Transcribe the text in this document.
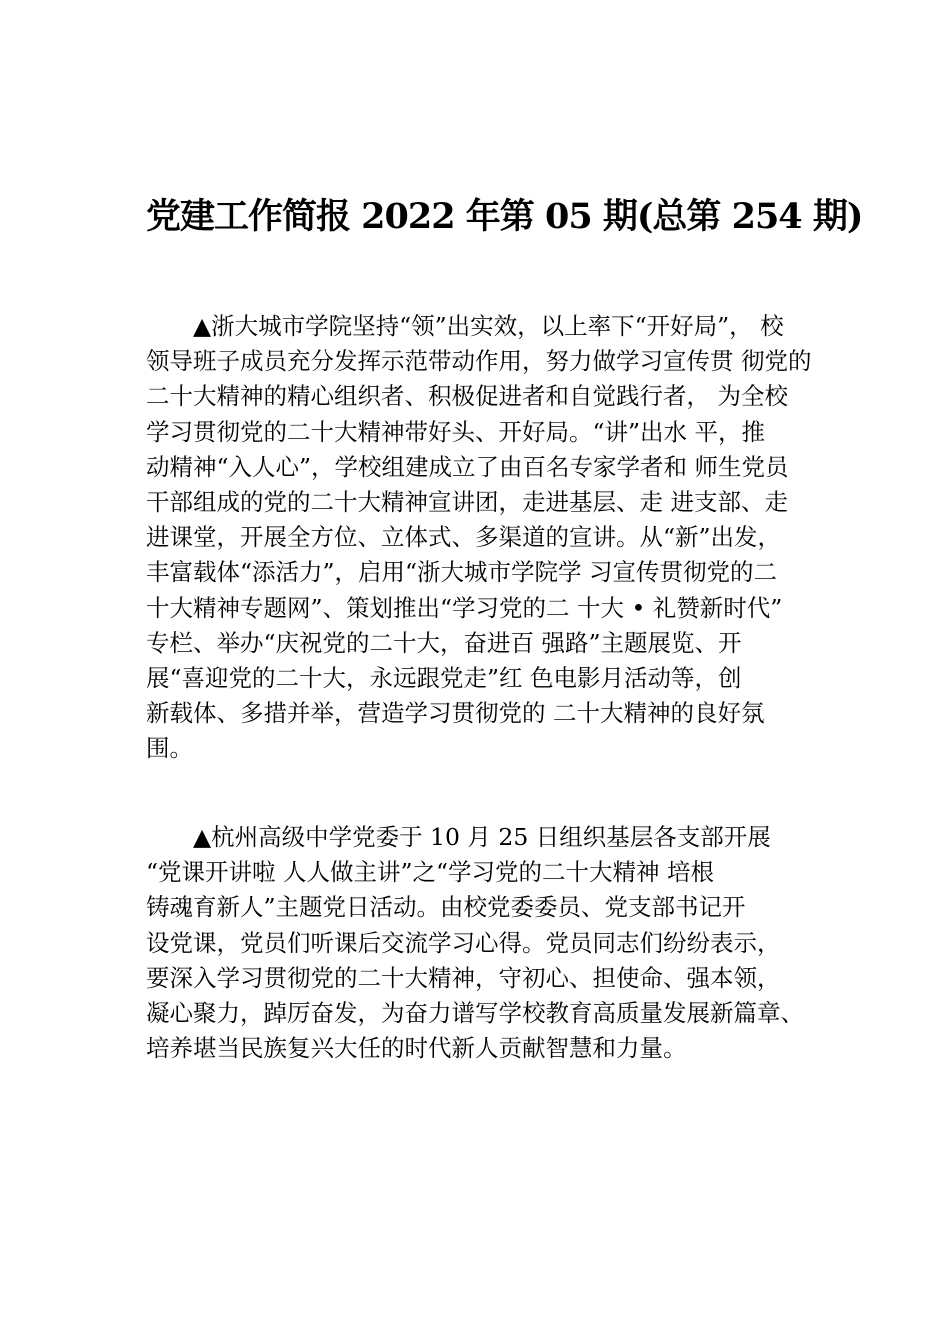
党建工作简报 2022 年第 05 期(总第 254 期)
　　▲浙大城市学院坚持“领”出实效，以上率下“开好局”， 校
领导班子成员充分发挥示范带动作用，努力做学习宣传贯 彻党的
二十大精神的精心组织者、积极促进者和自觉践行者， 为全校
学习贯彻党的二十大精神带好头、开好局。“讲”出水 平，推
动精神“入人心”，学校组建成立了由百名专家学者和 师生党员
干部组成的党的二十大精神宣讲团，走进基层、走 进支部、走
进课堂，开展全方位、立体式、多渠道的宣讲。从“新”出发，
丰富载体“添活力”，启用“浙大城市学院学 习宣传贯彻党的二
十大精神专题网”、策划推出“学习党的二 十大 • 礼赞新时代”
专栏、举办“庆祝党的二十大，奋进百 强路”主题展览、开
展“喜迎党的二十大，永远跟党走”红 色电影月活动等，创
新载体、多措并举，营造学习贯彻党的 二十大精神的良好氛
围。
　　▲杭州高级中学党委于 10 月 25 日组织基层各支部开展
“党课开讲啦 人人做主讲”之“学习党的二十大精神 培根
铸魂育新人”主题党日活动。由校党委委员、党支部书记开
设党课，党员们听课后交流学习心得。党员同志们纷纷表示，
要深入学习贯彻党的二十大精神，守初心、担使命、强本领，
凝心聚力，踔厉奋发，为奋力谱写学校教育高质量发展新篇章、
培养堪当民族复兴大任的时代新人贡献智慧和力量。
